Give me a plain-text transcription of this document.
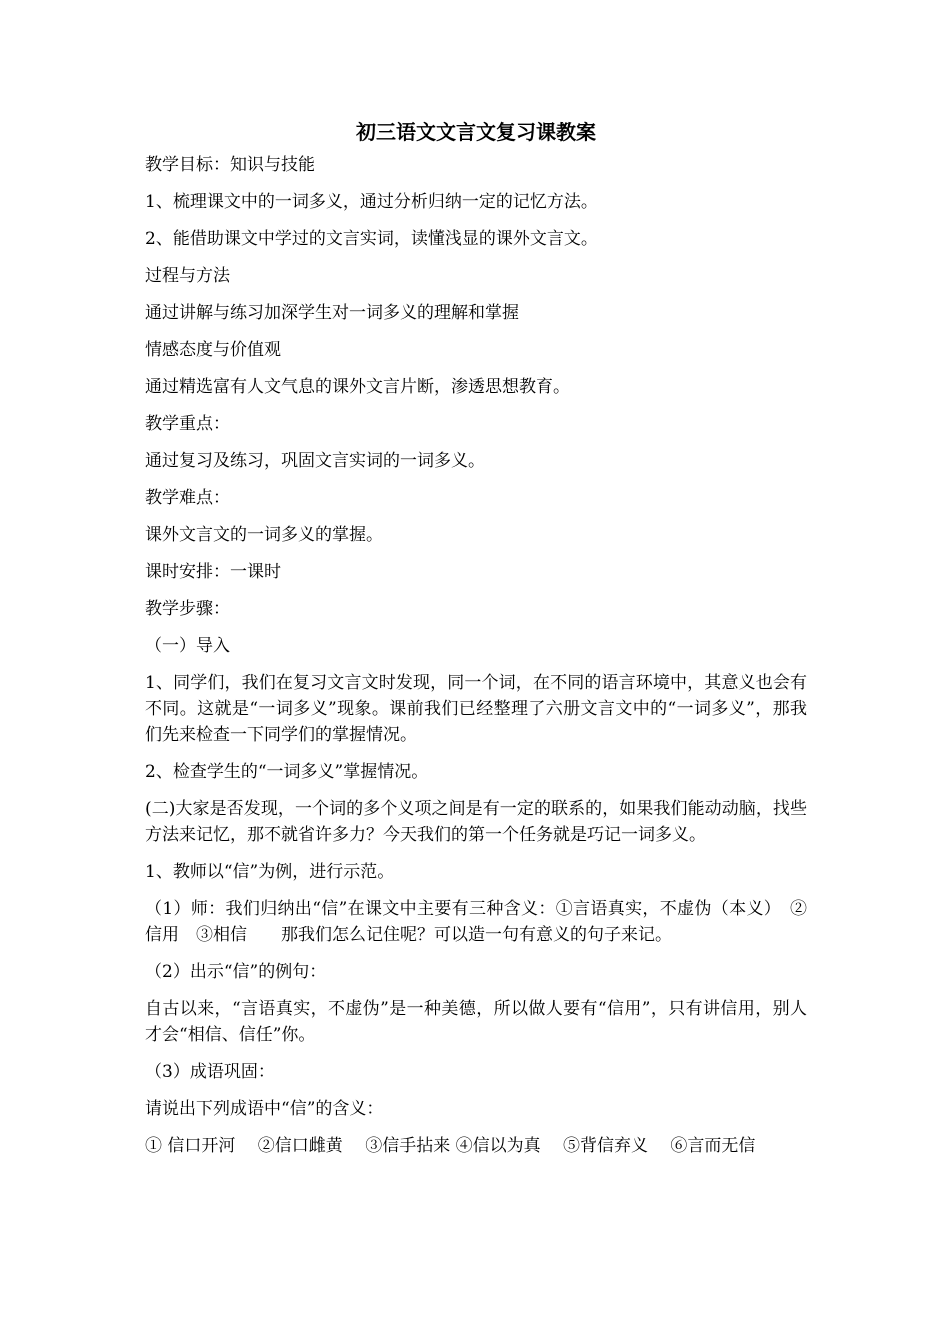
初三语文文言文复习课教案
教学目标：知识与技能
1、梳理课文中的一词多义，通过分析归纳一定的记忆方法。
2、能借助课文中学过的文言实词，读懂浅显的课外文言文。
过程与方法
通过讲解与练习加深学生对一词多义的理解和掌握
情感态度与价值观
通过精选富有人文气息的课外文言片断，渗透思想教育。
教学重点：
通过复习及练习，巩固文言实词的一词多义。
教学难点：
课外文言文的一词多义的掌握。
课时安排：一课时
教学步骤：
（一）导入
1、同学们，我们在复习文言文时发现，同一个词，在不同的语言环境中，其意义也会有不同。这就是“一词多义”现象。课前我们已经整理了六册文言文中的“一词多义”，那我们先来检查一下同学们的掌握情况。
2、检查学生的“一词多义”掌握情况。
(二)大家是否发现，一个词的多个义项之间是有一定的联系的，如果我们能动动脑，找些方法来记忆，那不就省许多力？今天我们的第一个任务就是巧记一词多义。
1、教师以“信”为例，进行示范。
（1）师：我们归纳出“信”在课文中主要有三种含义：①言语真实，不虚伪（本义）　②信用　③相信　　那我们怎么记住呢？可以造一句有意义的句子来记。
（2）出示“信”的例句：
自古以来，“言语真实，不虚伪”是一种美德，所以做人要有“信用”，只有讲信用，别人才会“相信、信任”你。
（3）成语巩固：
请说出下列成语中“信”的含义：
① 信口开河　 ②信口雌黄　 ③信手拈来 ④信以为真　 ⑤背信弃义　 ⑥言而无信
